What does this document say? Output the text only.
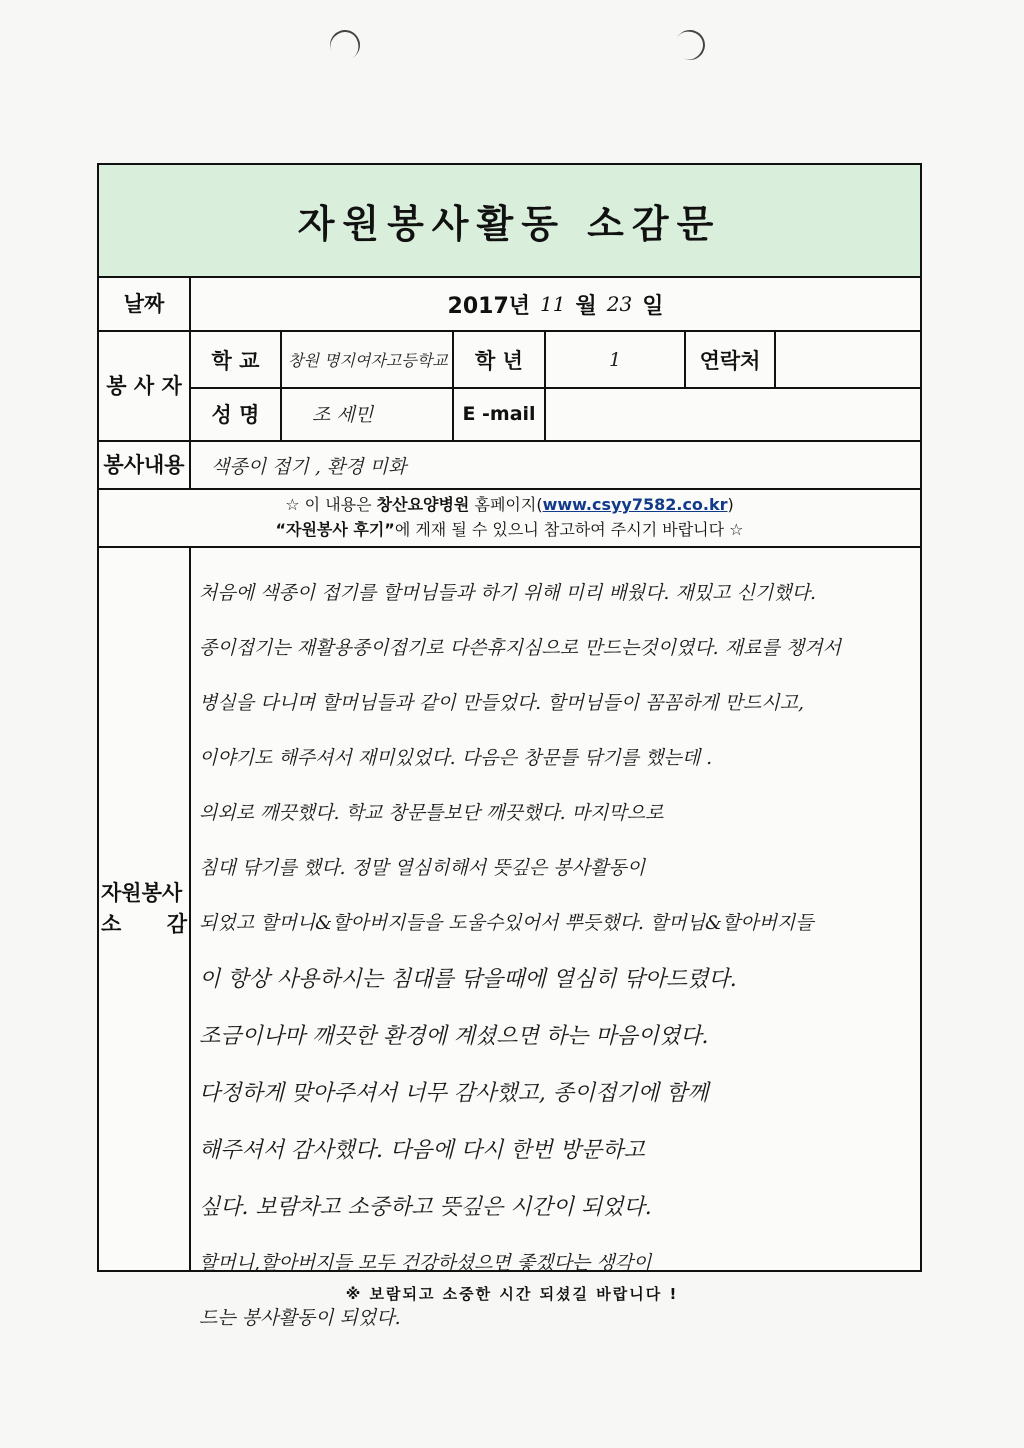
자원봉사활동 소감문
날짜	2017년 11 월 23 일
봉 사 자
학 교	창원 명지여자고등학교	학 년	1	연락처
성 명	조 세민	E -mail
봉사내용	색종이 접기 , 환경 미화
☆ 이 내용은 창산요양병원 홈페이지(www.csyy7582.co.kr)
“자원봉사 후기”에 게재 될 수 있으니 참고하여 주시기 바랍니다 ☆
자원봉사
소 감
처음에 색종이 접기를 할머님들과 하기 위해 미리 배웠다. 재밌고 신기했다.
종이접기는 재활용종이접기로 다쓴휴지심으로 만드는것이였다. 재료를 챙겨서
병실을 다니며 할머님들과 같이 만들었다. 할머님들이 꼼꼼하게 만드시고,
이야기도 해주셔서 재미있었다. 다음은 창문틀 닦기를 했는데 .
의외로 깨끗했다. 학교 창문틀보단 깨끗했다. 마지막으로
침대 닦기를 했다. 정말 열심히해서 뜻깊은 봉사활동이
되었고 할머니&할아버지들을 도울수있어서 뿌듯했다. 할머님&할아버지들
이 항상 사용하시는 침대를 닦을때에 열심히 닦아드렸다.
조금이나마 깨끗한 환경에 계셨으면 하는 마음이였다.
다정하게 맞아주셔서 너무 감사했고, 종이접기에 함께
해주셔서 감사했다. 다음에 다시 한번 방문하고
싶다. 보람차고 소중하고 뜻깊은 시간이 되었다.
할머니,할아버지들 모두 건강하셨으면 좋겠다는 생각이
드는 봉사활동이 되었다.
※ 보람되고 소중한 시간 되셨길 바랍니다 !
